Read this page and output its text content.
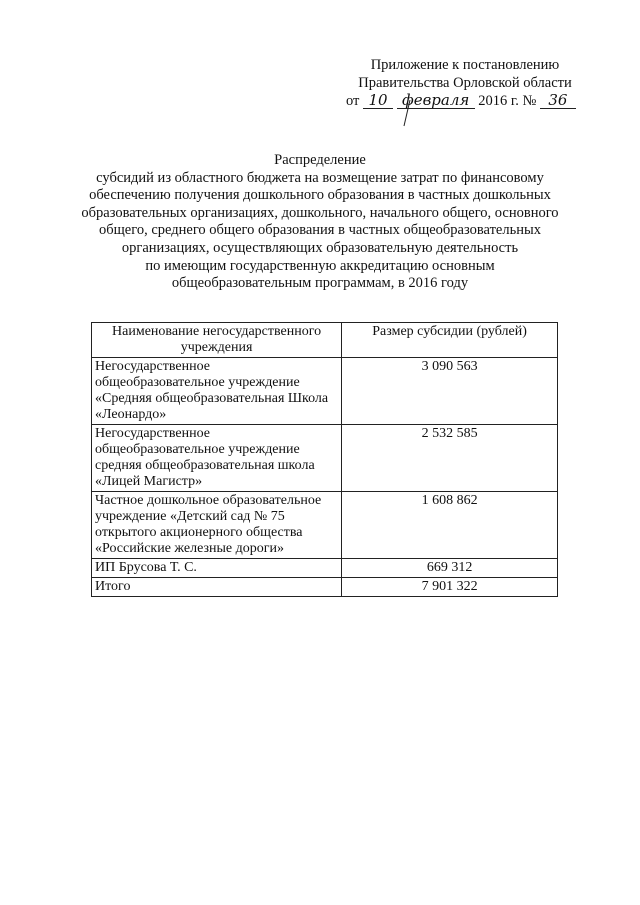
Приложение к постановлению
Правительства Орловской области
от 10 февраля 2016 г. № 36
Распределение
субсидий из областного бюджета на возмещение затрат по финансовому
обеспечению получения дошкольного образования в частных дошкольных
образовательных организациях, дошкольного, начального общего, основного
общего, среднего общего образования в частных общеобразовательных
организациях, осуществляющих образовательную деятельность
по имеющим государственную аккредитацию основным
общеобразовательным программам, в 2016 году
Наименование негосударственного учреждения	Размер субсидии (рублей)
Негосударственное общеобразовательное учреждение «Средняя общеобразовательная Школа «Леонардо»	3 090 563
Негосударственное общеобразовательное учреждение средняя общеобразовательная школа «Лицей Магистр»	2 532 585
Частное дошкольное образовательное учреждение «Детский сад № 75 открытого акционерного общества «Российские железные дороги»	1 608 862
ИП Брусова Т. С.	669 312
Итого	7 901 322
